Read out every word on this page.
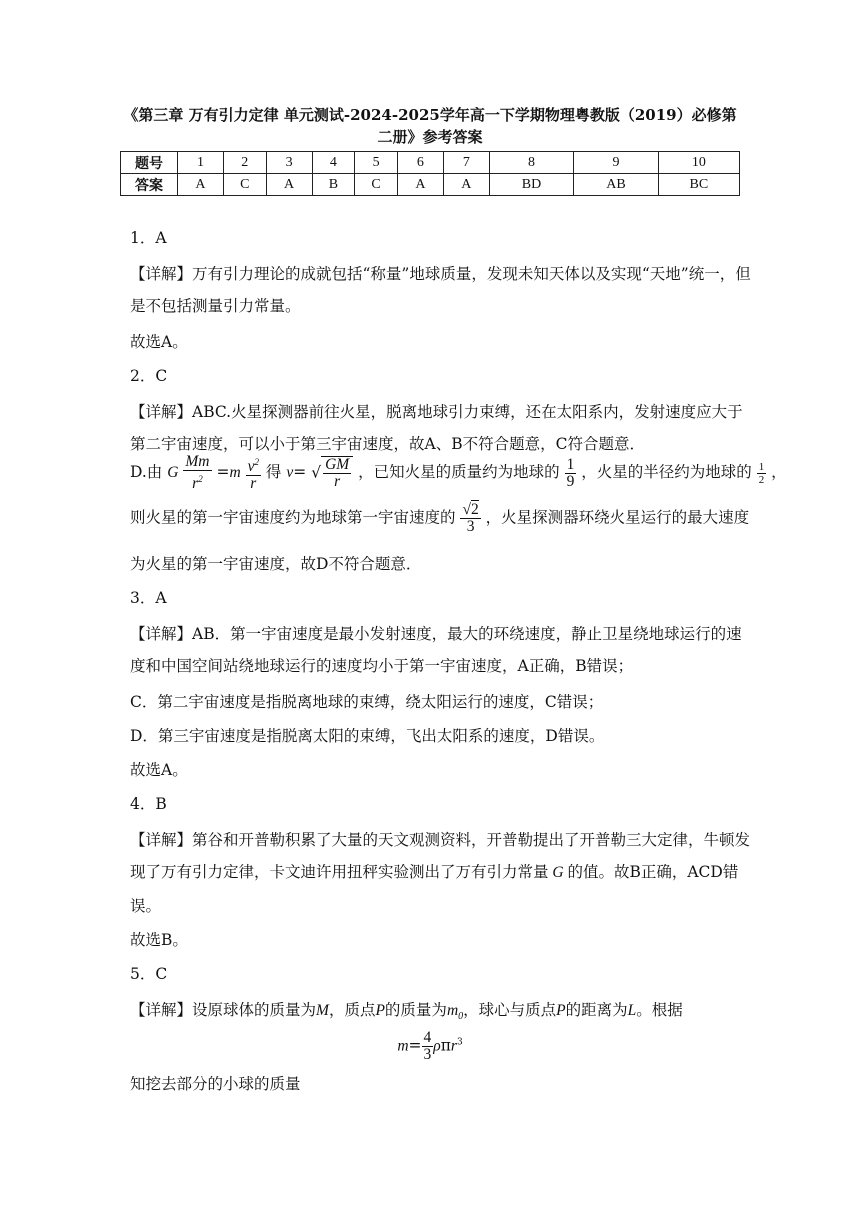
《第三章 万有引力定律 单元测试-2024-2025学年高一下学期物理粤教版（2019）必修第
二册》参考答案
题号	1	2	3	4	5	6	7	8	9	10
答案	A	C	A	B	C	A	A	BD	AB	BC
1．A
【详解】万有引力理论的成就包括“称量”地球质量，发现未知天体以及实现“天地”统一，但
是不包括测量引力常量。
故选A。
2．C
【详解】ABC.火星探测器前往火星，脱离地球引力束缚，还在太阳系内，发射速度应大于
第二宇宙速度，可以小于第三宇宙速度，故A、B不符合题意，C符合题意．
D.由 G $\frac{Mm}{r^2} =m \frac{v^2}{r}$ 得 v= √ $\frac{GM}{r}$ ，已知火星的质量约为地球的 $\frac{1}{9}$ ，火星的半径约为地球的 $\frac{1}{2}$ ，
则火星的第一宇宙速度约为地球第一宇宙速度的 $\frac{√2}{3}$ ，火星探测器环绕火星运行的最大速度
为火星的第一宇宙速度，故D不符合题意．
3．A
【详解】AB．第一宇宙速度是最小发射速度，最大的环绕速度，静止卫星绕地球运行的速
度和中国空间站绕地球运行的速度均小于第一宇宙速度，A正确，B错误；
C．第二宇宙速度是指脱离地球的束缚，绕太阳运行的速度，C错误；
D．第三宇宙速度是指脱离太阳的束缚，飞出太阳系的速度，D错误。
故选A。
4．B
【详解】第谷和开普勒积累了大量的天文观测资料，开普勒提出了开普勒三大定律，牛顿发
现了万有引力定律，卡文迪许用扭秤实验测出了万有引力常量 G 的值。故B正确，ACD错
误。
故选B。
5．C
【详解】设原球体的质量为M，质点P的质量为$m_0$，球心与质点P的距离为L。根据
$m= \frac{4}{3} \rho\pi r^3$
知挖去部分的小球的质量
